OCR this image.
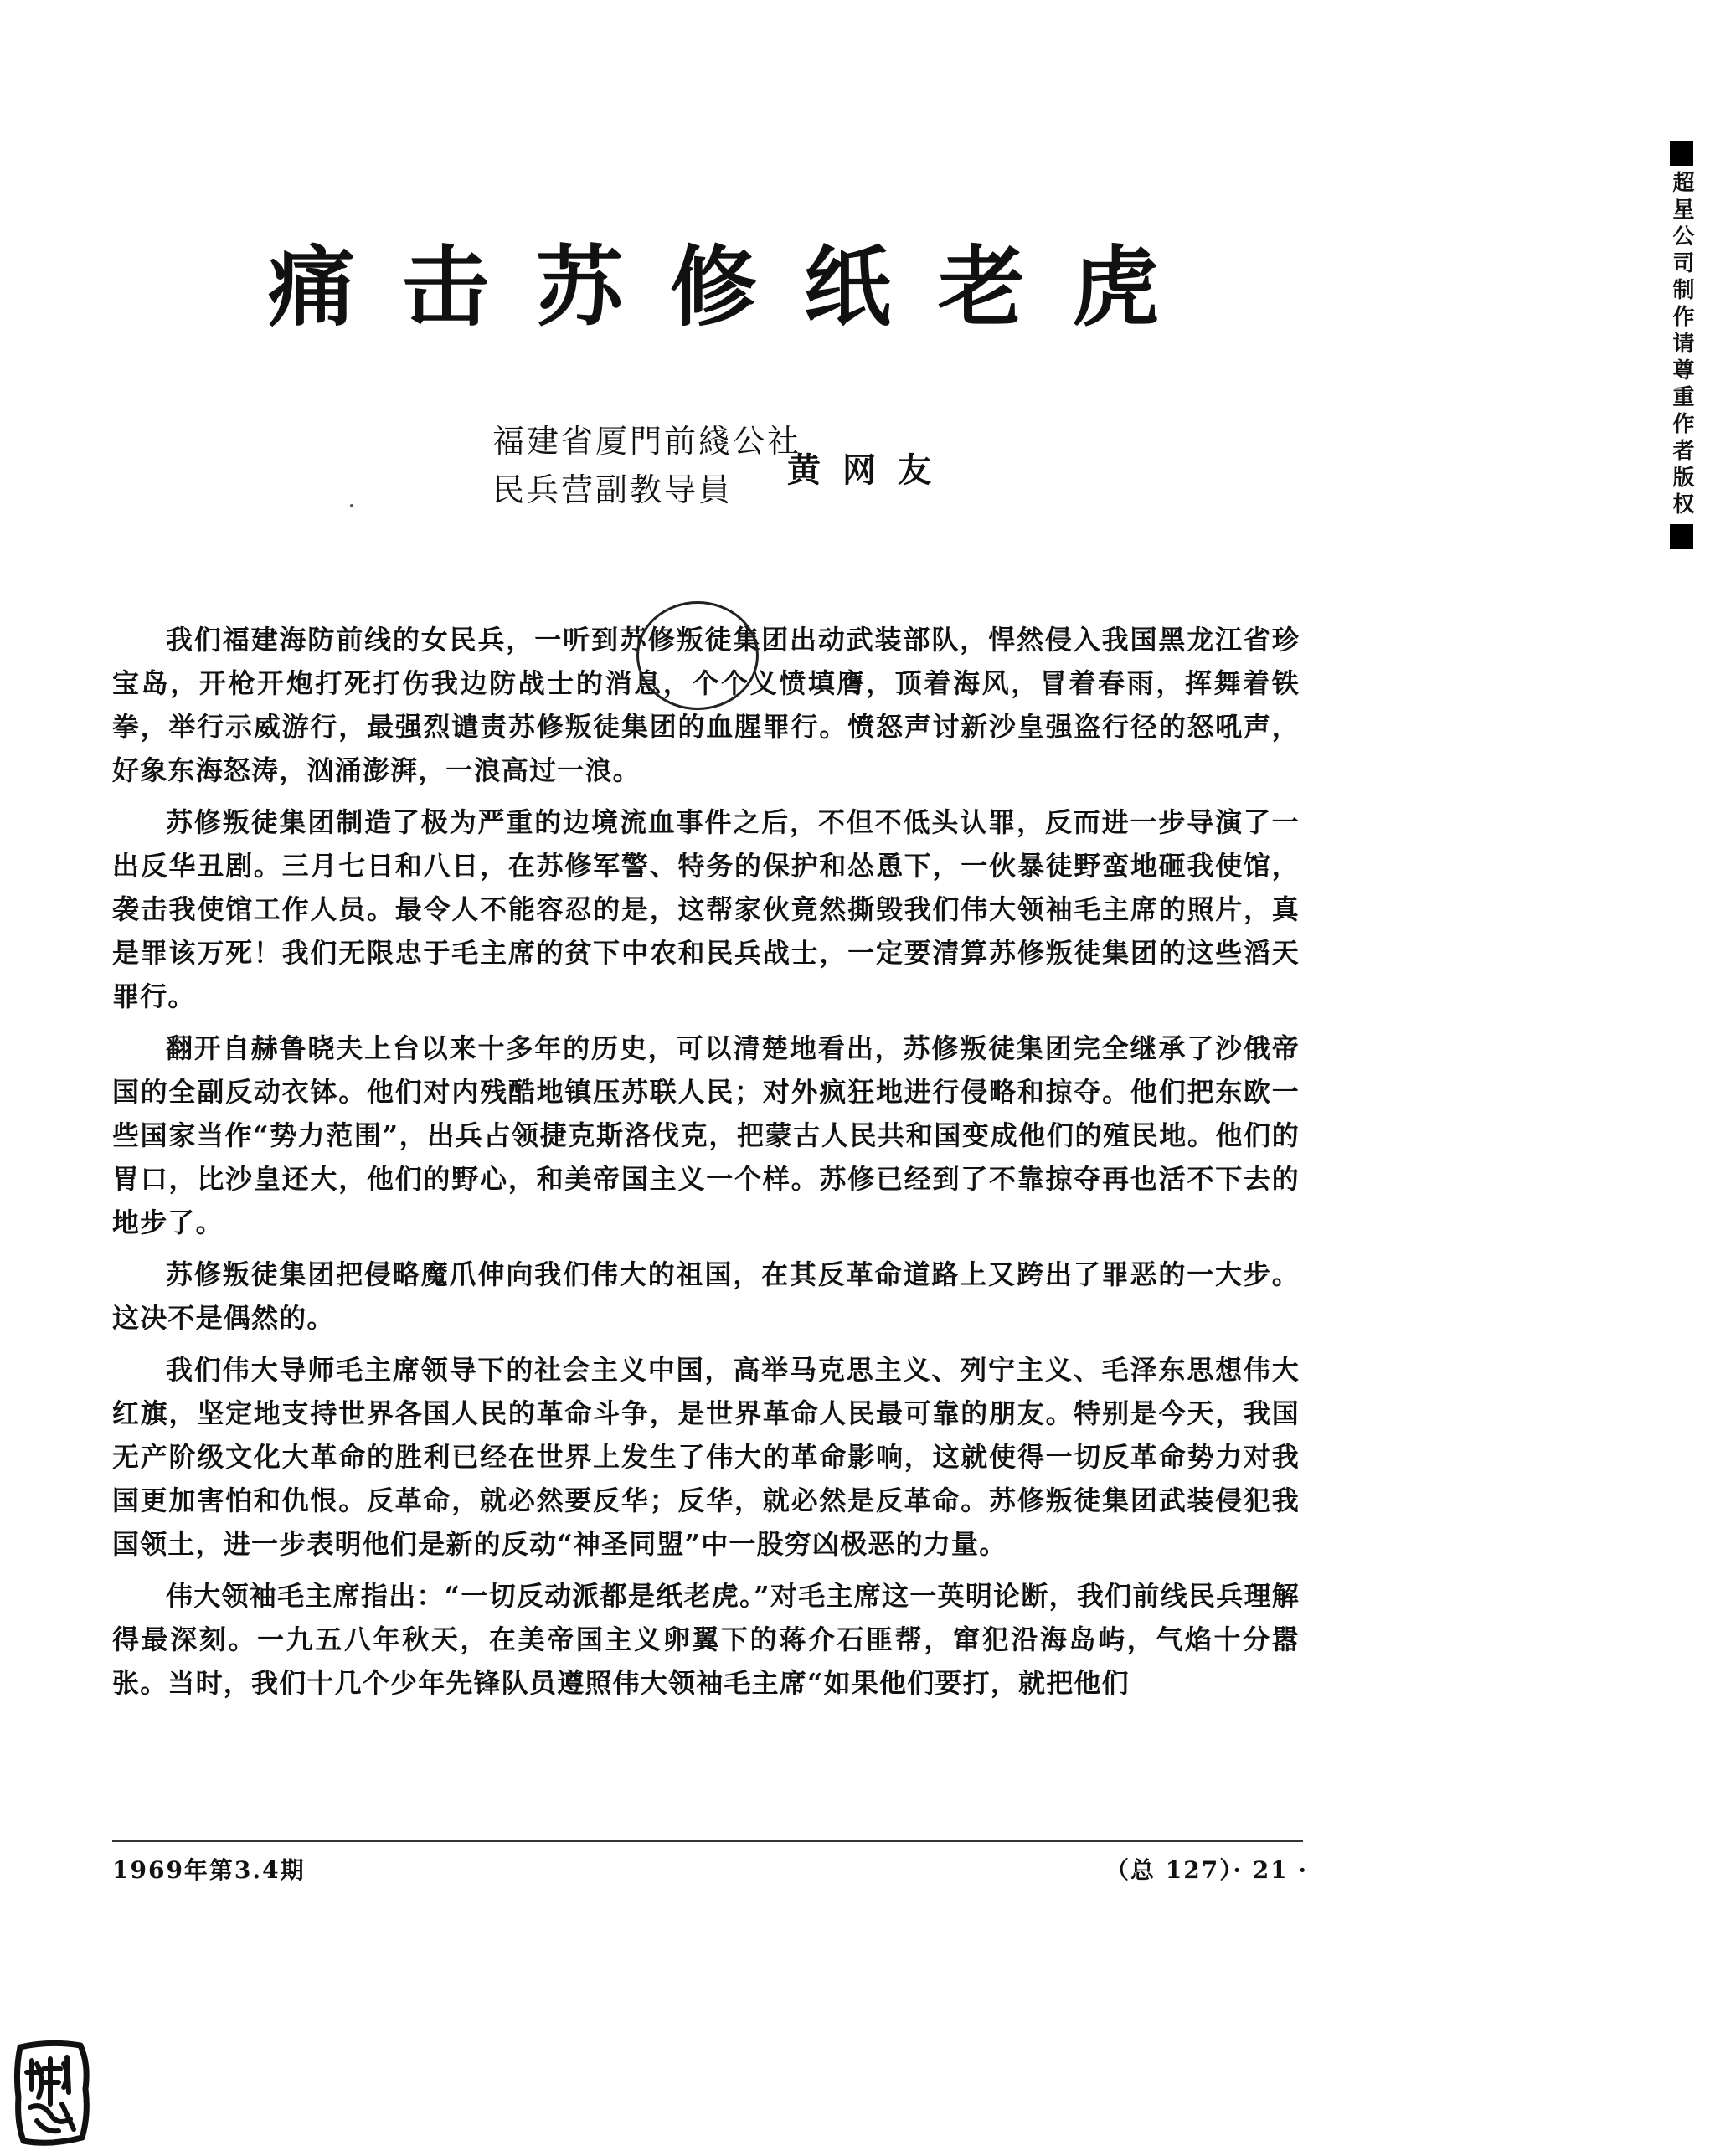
痛击苏修纸老虎
福建省厦門前綫公社
民兵营副教导員	黄网友

我们福建海防前线的女民兵，一听到苏修叛徒集团出动武装部队，悍然侵入我国黑龙江省珍宝岛，开枪开炮打死打伤我边防战士的消息，个个义愤填膺，顶着海风，冒着春雨，挥舞着铁拳，举行示威游行，最强烈谴责苏修叛徒集团的血腥罪行。愤怒声讨新沙皇强盗行径的怒吼声，好象东海怒涛，汹涌澎湃，一浪高过一浪。

苏修叛徒集团制造了极为严重的边境流血事件之后，不但不低头认罪，反而进一步导演了一出反华丑剧。三月七日和八日，在苏修军警、特务的保护和怂恿下，一伙暴徒野蛮地砸我使馆，袭击我使馆工作人员。最令人不能容忍的是，这帮家伙竟然撕毁我们伟大领袖毛主席的照片，真是罪该万死！我们无限忠于毛主席的贫下中农和民兵战士，一定要清算苏修叛徒集团的这些滔天罪行。

翻开自赫鲁晓夫上台以来十多年的历史，可以清楚地看出，苏修叛徒集团完全继承了沙俄帝国的全副反动衣钵。他们对内残酷地镇压苏联人民；对外疯狂地进行侵略和掠夺。他们把东欧一些国家当作“势力范围”，出兵占领捷克斯洛伐克，把蒙古人民共和国变成他们的殖民地。他们的胃口，比沙皇还大，他们的野心，和美帝国主义一个样。苏修已经到了不靠掠夺再也活不下去的地步了。

苏修叛徒集团把侵略魔爪伸向我们伟大的祖国，在其反革命道路上又跨出了罪恶的一大步。这决不是偶然的。

我们伟大导师毛主席领导下的社会主义中国，高举马克思主义、列宁主义、毛泽东思想伟大红旗，坚定地支持世界各国人民的革命斗争，是世界革命人民最可靠的朋友。特别是今天，我国无产阶级文化大革命的胜利已经在世界上发生了伟大的革命影响，这就使得一切反革命势力对我国更加害怕和仇恨。反革命，就必然要反华；反华，就必然是反革命。苏修叛徒集团武装侵犯我国领土，进一步表明他们是新的反动“神圣同盟”中一股穷凶极恶的力量。

伟大领袖毛主席指出：“一切反动派都是纸老虎。”对毛主席这一英明论断，我们前线民兵理解得最深刻。一九五八年秋天，在美帝国主义卵翼下的蒋介石匪帮，窜犯沿海岛屿，气焰十分嚣张。当时，我们十几个少年先锋队员遵照伟大领袖毛主席“如果他们要打，就把他们

1969年第3.4期	（总 127）· 21 ·
超星公司制作请尊重作者版权
